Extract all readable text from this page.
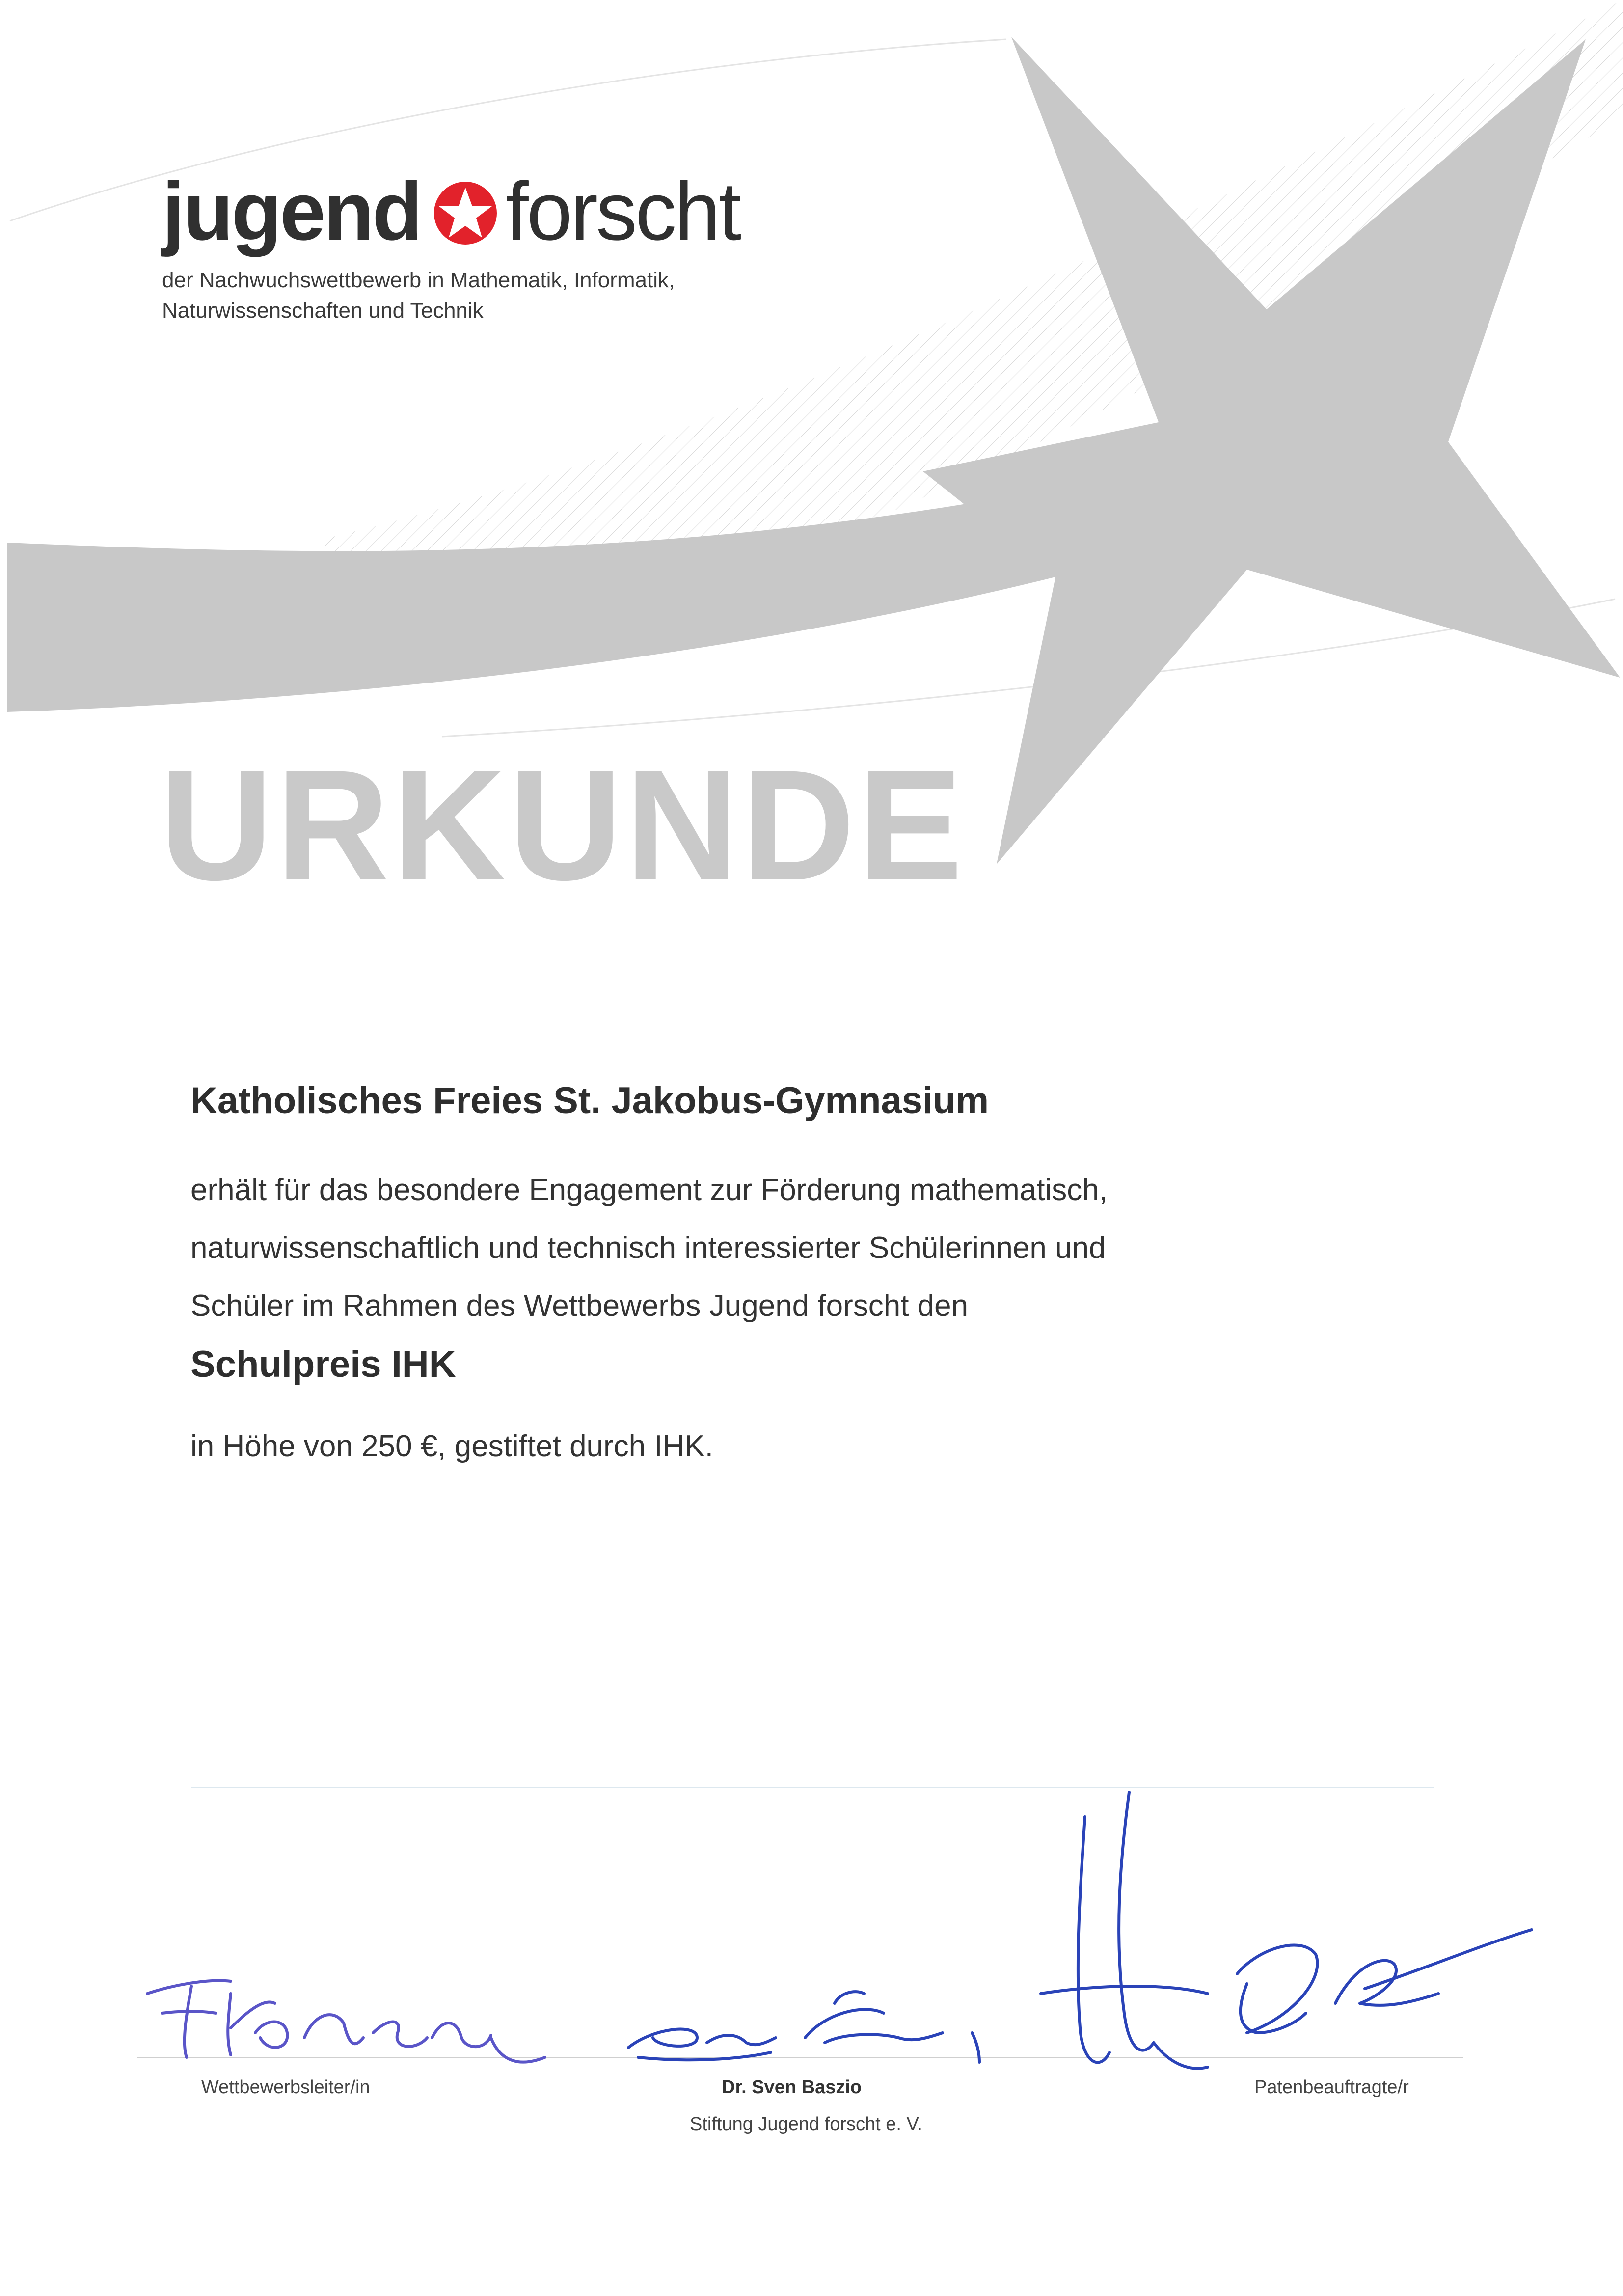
jugend forscht
der Nachwuchswettbewerb in Mathematik, Informatik,
Naturwissenschaften und Technik
URKUNDE
Katholisches Freies St. Jakobus-Gymnasium
erhält für das besondere Engagement zur Förderung mathematisch,
naturwissenschaftlich und technisch interessierter Schülerinnen und
Schüler im Rahmen des Wettbewerbs Jugend forscht den
Schulpreis IHK
in Höhe von 250 €, gestiftet durch IHK.
Wettbewerbsleiter/in	Dr. Sven Baszio
Stiftung Jugend forscht e. V.
Patenbeauftragte/r
